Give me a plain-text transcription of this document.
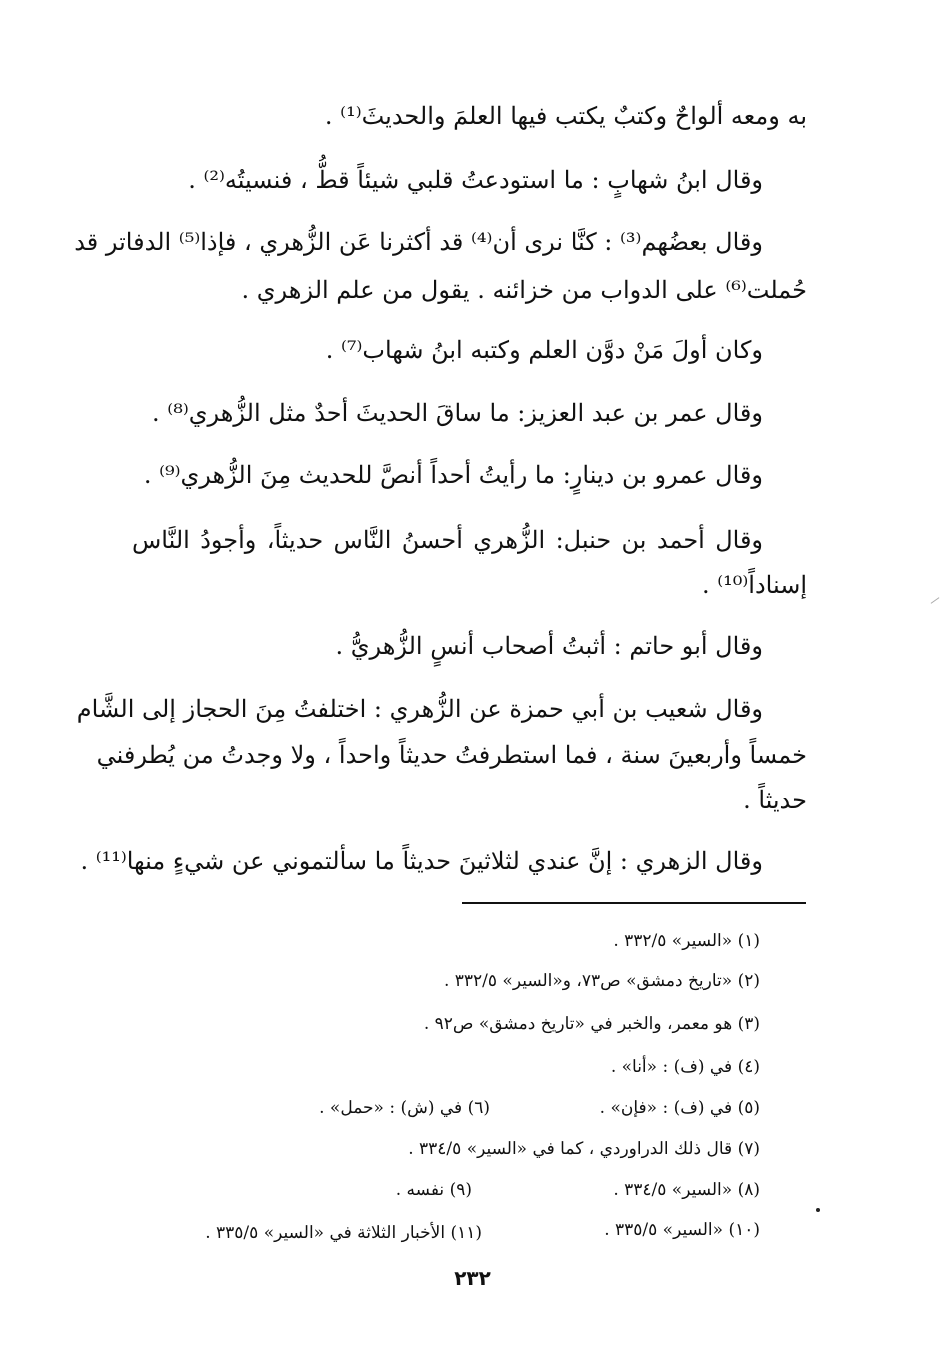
به ومعه ألواحٌ وكتبٌ يكتب فيها العلمَ والحديثَ⁽¹⁾ .
وقال ابنُ شهابٍ : ما استودعتُ قلبي شيئاً قطُّ ، فنسيتُه⁽²⁾ .
وقال بعضُهم⁽³⁾ : كنَّا نرى أن⁽⁴⁾ قد أكثرنا عَن الزُّهري ، فإذا⁽⁵⁾ الدفاتر قد
حُملت⁽⁶⁾ على الدواب من خزائنه . يقول من علم الزهري .
وكان أولَ مَنْ دوَّن العلم وكتبه ابنُ شهاب⁽⁷⁾ .
وقال عمر بن عبد العزيز: ما ساقَ الحديثَ أحدٌ مثل الزُّهري⁽⁸⁾ .
وقال عمرو بن دينارٍ: ما رأيتُ أحداً أنصَّ للحديث مِنَ الزُّهري⁽⁹⁾ .
وقال أحمد بن حنبل: الزُّهري أحسنُ النَّاس حديثاً، وأجودُ النَّاس
إسناداً⁽¹⁰⁾ .
وقال أبو حاتم : أثبتُ أصحاب أنسٍ الزُّهريُّ .
وقال شعيب بن أبي حمزة عن الزُّهري : اختلفتُ مِنَ الحجاز إلى الشَّام
خمساً وأربعينَ سنة ، فما استطرفتُ حديثاً واحداً ، ولا وجدتُ من يُطرفني
حديثاً .
وقال الزهري : إنَّ عندي لثلاثينَ حديثاً ما سألتموني عن شيءٍ منها⁽¹¹⁾ .
(١) «السير» ٣٣٢/٥ .
(٢) «تاريخ دمشق» ص٧٣، و«السير» ٣٣٢/٥ .
(٣) هو معمر، والخبر في «تاريخ دمشق» ص٩٢ .
(٤) في (ف) : «أنا» .
(٥) في (ف) : «فإن» .
(٦) في (ش) : «حمل» .
(٧) قال ذلك الدراوردي ، كما في «السير» ٣٣٤/٥ .
(٨) «السير» ٣٣٤/٥ .
(٩) نفسه .
(١٠) «السير» ٣٣٥/٥ .
(١١) الأخبار الثلاثة في «السير» ٣٣٥/٥ .
٢٣٢
